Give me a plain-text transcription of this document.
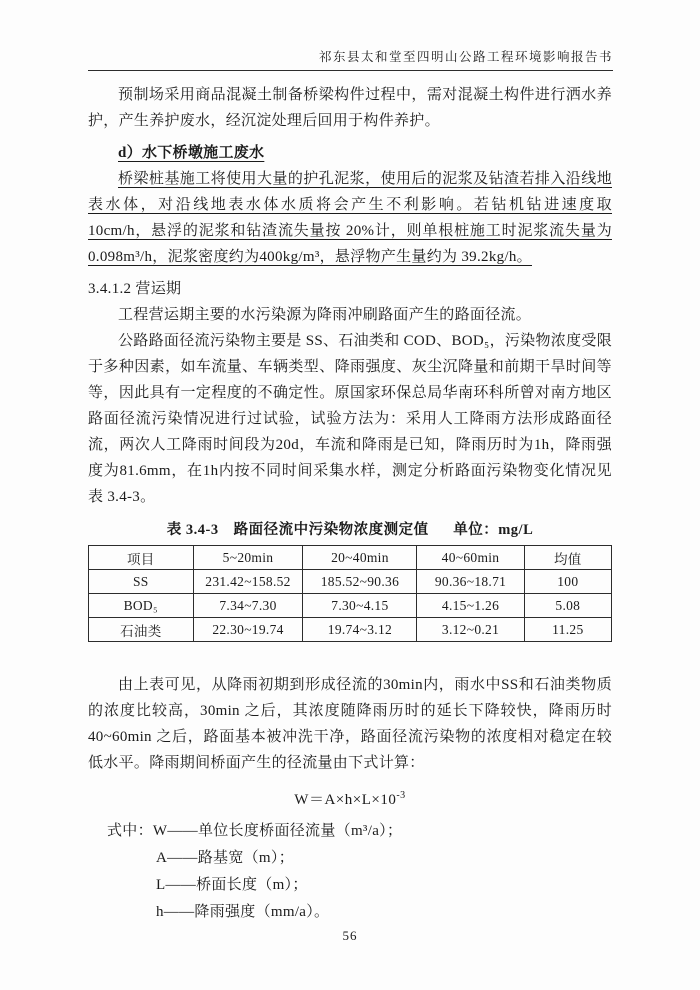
祁东县太和堂至四明山公路工程环境影响报告书

预制场采用商品混凝土制备桥梁构件过程中，需对混凝土构件进行洒水养护，产生养护废水，经沉淀处理后回用于构件养护。

d）水下桥墩施工废水

桥梁桩基施工将使用大量的护孔泥浆，使用后的泥浆及钻渣若排入沿线地表水体，对沿线地表水体水质将会产生不利影响。若钻机钻进速度取 10cm/h，悬浮的泥浆和钻渣流失量按 20%计，则单根桩施工时泥浆流失量为 0.098m³/h，泥浆密度约为400kg/m³，悬浮物产生量约为 39.2kg/h。

3.4.1.2 营运期

工程营运期主要的水污染源为降雨冲刷路面产生的路面径流。

公路路面径流污染物主要是 SS、石油类和 COD、BOD₅，污染物浓度受限于多种因素，如车流量、车辆类型、降雨强度、灰尘沉降量和前期干旱时间等等，因此具有一定程度的不确定性。原国家环保总局华南环科所曾对南方地区路面径流污染情况进行过试验，试验方法为：采用人工降雨方法形成路面径流，两次人工降雨时间段为20d，车流和降雨是已知，降雨历时为1h，降雨强度为81.6mm，在1h内按不同时间采集水样，测定分析路面污染物变化情况见表 3.4-3。

表 3.4-3　路面径流中污染物浓度测定值 单位：mg/L
项目	5~20min	20~40min	40~60min	均值
SS	231.42~158.52	185.52~90.36	90.36~18.71	100
BOD₅	7.34~7.30	7.30~4.15	4.15~1.26	5.08
石油类	22.30~19.74	19.74~3.12	3.12~0.21	11.25

由上表可见，从降雨初期到形成径流的30min内，雨水中SS和石油类物质的浓度比较高，30min 之后，其浓度随降雨历时的延长下降较快，降雨历时 40~60min 之后，路面基本被冲洗干净，路面径流污染物的浓度相对稳定在较低水平。降雨期间桥面产生的径流量由下式计算：

$W=A\times h\times L\times 10^{-3}$
式中：W——单位长度桥面径流量（m³/a）；
A——路基宽（m）；
L——桥面长度（m）；
h——降雨强度（mm/a）。
56
